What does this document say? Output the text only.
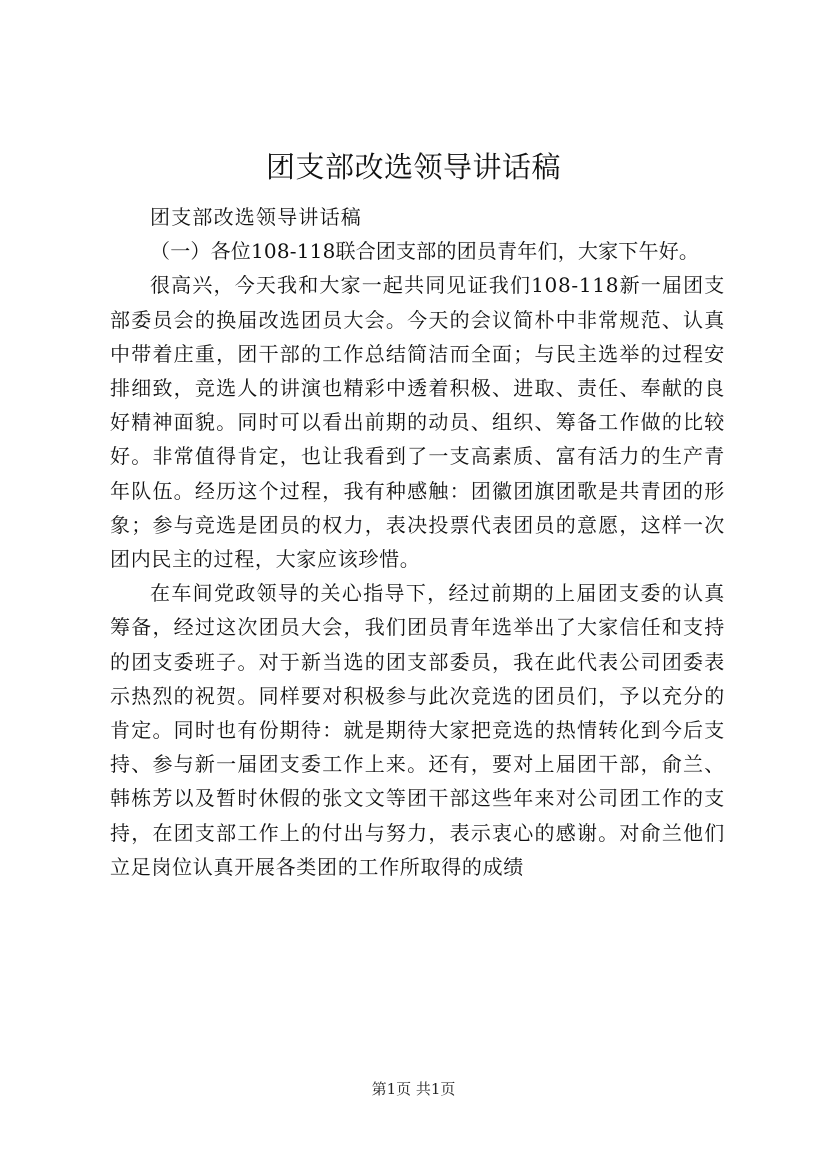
团支部改选领导讲话稿

团支部改选领导讲话稿

（一）各位108-118联合团支部的团员青年们，大家下午好。

很高兴，今天我和大家一起共同见证我们108-118新一届团支部委员会的换届改选团员大会。今天的会议简朴中非常规范、认真中带着庄重，团干部的工作总结简洁而全面；与民主选举的过程安排细致，竞选人的讲演也精彩中透着积极、进取、责任、奉献的良好精神面貌。同时可以看出前期的动员、组织、筹备工作做的比较好。非常值得肯定，也让我看到了一支高素质、富有活力的生产青年队伍。经历这个过程，我有种感触：团徽团旗团歌是共青团的形象；参与竞选是团员的权力，表决投票代表团员的意愿，这样一次团内民主的过程，大家应该珍惜。

在车间党政领导的关心指导下，经过前期的上届团支委的认真筹备，经过这次团员大会，我们团员青年选举出了大家信任和支持的团支委班子。对于新当选的团支部委员，我在此代表公司团委表示热烈的祝贺。同样要对积极参与此次竞选的团员们，予以充分的肯定。同时也有份期待：就是期待大家把竞选的热情转化到今后支持、参与新一届团支委工作上来。还有，要对上届团干部，俞兰、韩栋芳以及暂时休假的张文文等团干部这些年来对公司团工作的支持，在团支部工作上的付出与努力，表示衷心的感谢。对俞兰他们立足岗位认真开展各类团的工作所取得的成绩

第1页 共1页
